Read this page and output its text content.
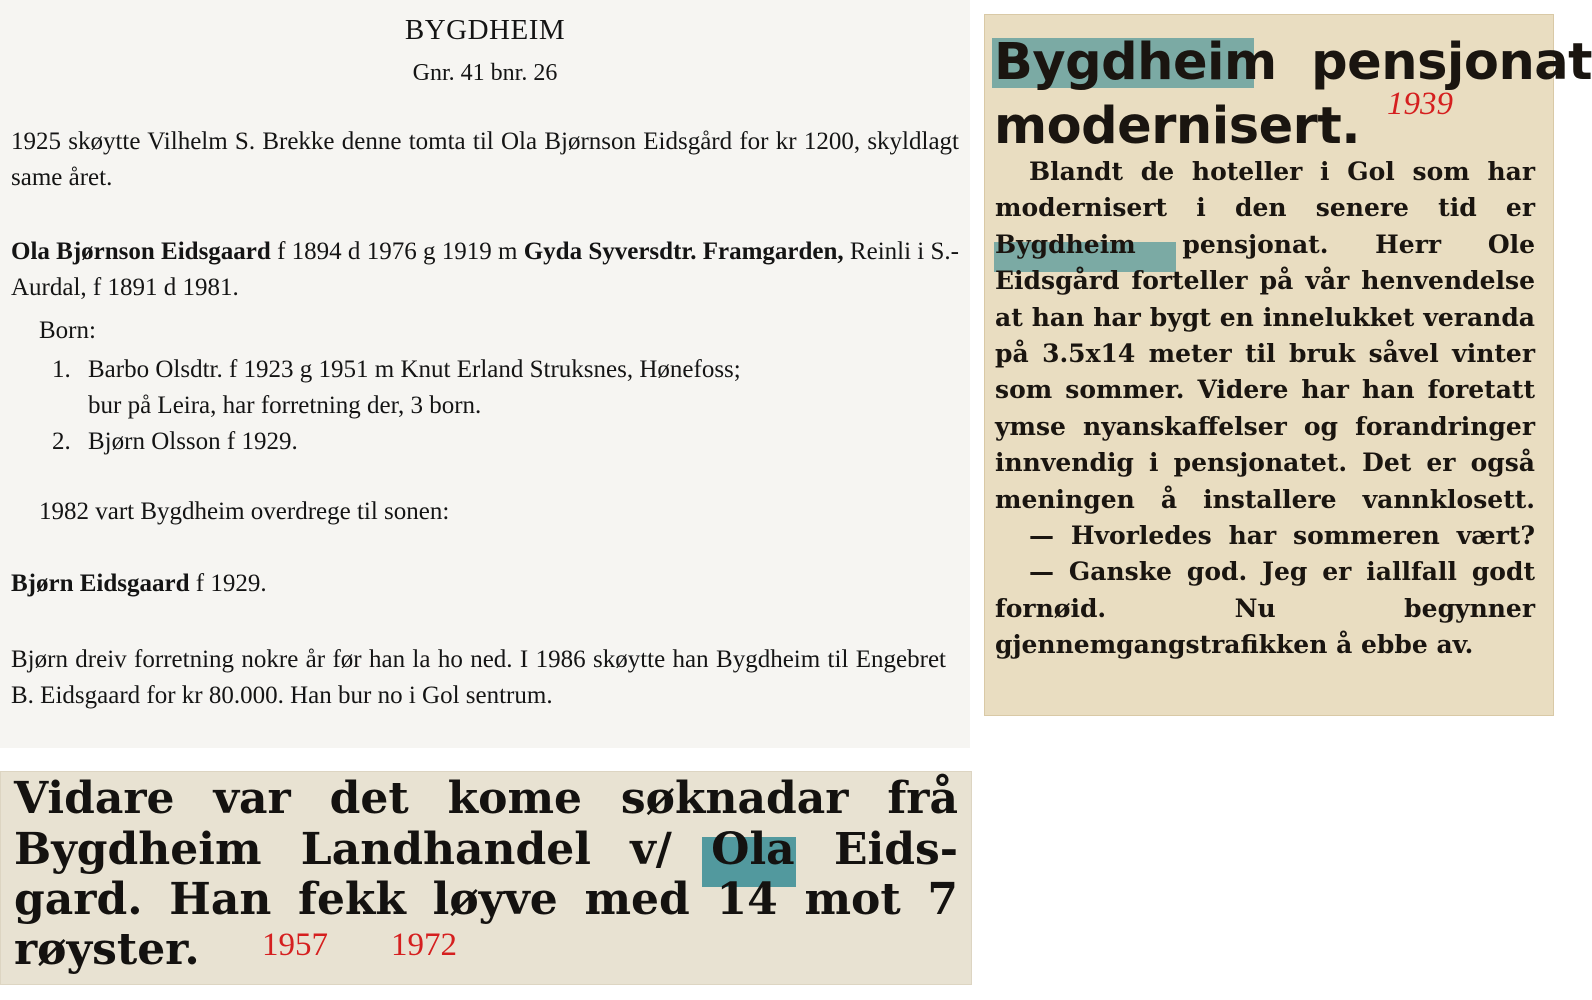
BYGDHEIM
Gnr. 41 bnr. 26

1925 skøytte Vilhelm S. Brekke denne tomta til Ola Bjørnson Eidsgård for kr 1200, skyldlagt same året.

Ola Bjørnson Eidsgaard f 1894 d 1976 g 1919 m Gyda Syversdtr. Framgarden, Reinli i S.-Aurdal, f 1891 d 1981.

Born:
1. Barbo Olsdtr. f 1923 g 1951 m Knut Erland Struksnes, Hønefoss;
bur på Leira, har forretning der, 3 born.
2. Bjørn Olsson f 1929.
1982 vart Bygdheim overdrege til sonen:
Bjørn Eidsgaard f 1929.

Bjørn dreiv forretning nokre år før han la ho ned. I 1986 skøytte han Bygdheim til Engebret B. Eidsgaard for kr 80.000. Han bur no i Gol sentrum.

Bygdheim pensjonat
modernisert. 1939

Blandt de hoteller i Gol som har modernisert i den senere tid er Bygdheim pensjonat. Herr Ole Eidsgård forteller på vår henvendelse at han har bygt en innelukket veranda på 3.5x14 meter til bruk såvel vinter som sommer. Videre har han foretatt ymse nyanskaffelser og forandringer innvendig i pensjonatet. Det er også meningen å installere vannklosett.

— Hvorledes har sommeren vært?

— Ganske god. Jeg er iallfall godt fornøid. Nu begynner gjennemgangstrafikken å ebbe av.

Vidare var det kome søknadar frå
Bygdheim Landhandel v/ Ola Eids-
gard. Han fekk løyve med 14 mot 7
røyster. 1957 1972
